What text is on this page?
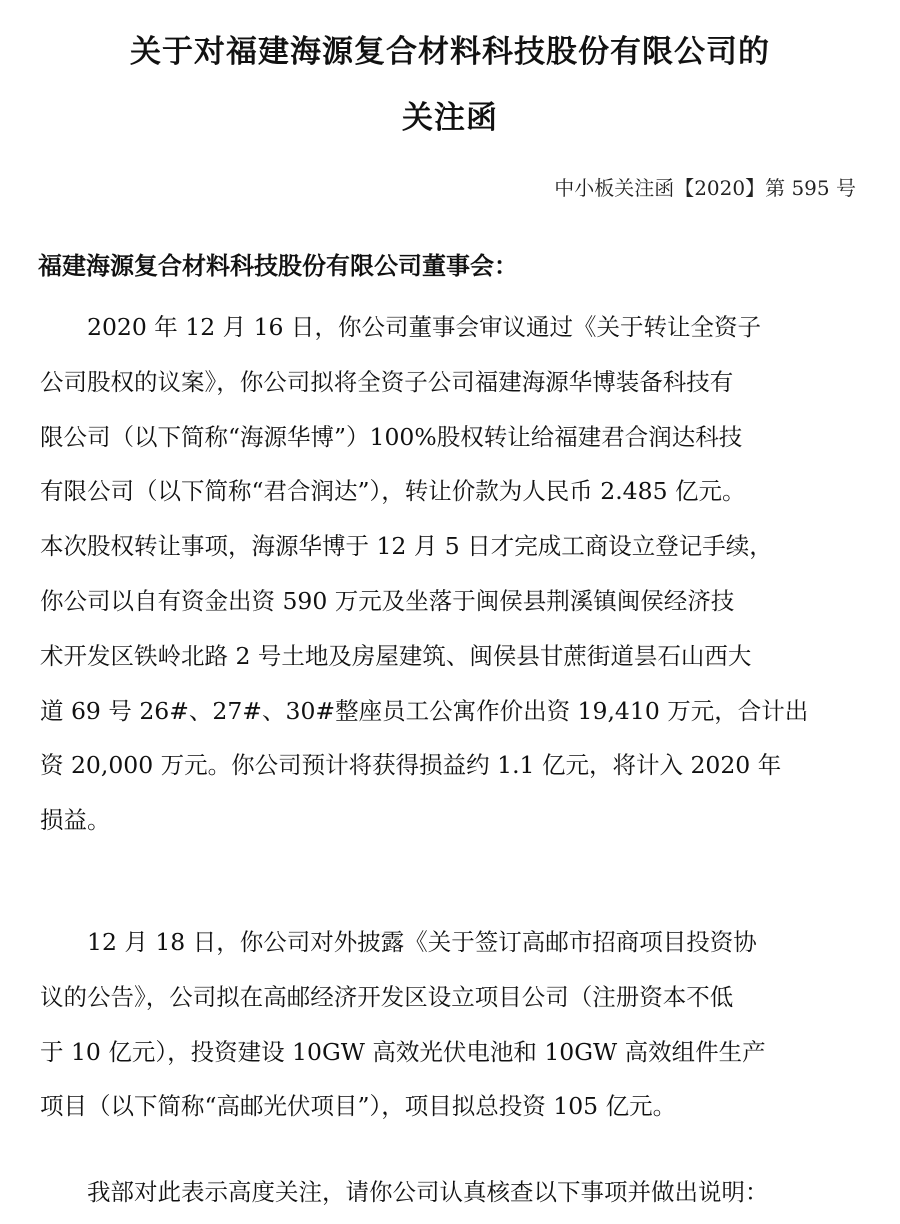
关于对福建海源复合材料科技股份有限公司的
关注函
中小板关注函【2020】第 595 号
福建海源复合材料科技股份有限公司董事会：
　　2020 年 12 月 16 日，你公司董事会审议通过《关于转让全资子
公司股权的议案》，你公司拟将全资子公司福建海源华博装备科技有
限公司（以下简称“海源华博”）100%股权转让给福建君合润达科技
有限公司（以下简称“君合润达”），转让价款为人民币 2.485 亿元。
本次股权转让事项，海源华博于 12 月 5 日才完成工商设立登记手续，
你公司以自有资金出资 590 万元及坐落于闽侯县荆溪镇闽侯经济技
术开发区铁岭北路 2 号土地及房屋建筑、闽侯县甘蔗街道昙石山西大
道 69 号 26#、27#、30#整座员工公寓作价出资 19,410 万元，合计出
资 20,000 万元。你公司预计将获得损益约 1.1 亿元，将计入 2020 年
损益。
　　12 月 18 日，你公司对外披露《关于签订高邮市招商项目投资协
议的公告》，公司拟在高邮经济开发区设立项目公司（注册资本不低
于 10 亿元），投资建设 10GW 高效光伏电池和 10GW 高效组件生产
项目（以下简称“高邮光伏项目”），项目拟总投资 105 亿元。
　　我部对此表示高度关注，请你公司认真核查以下事项并做出说明：
